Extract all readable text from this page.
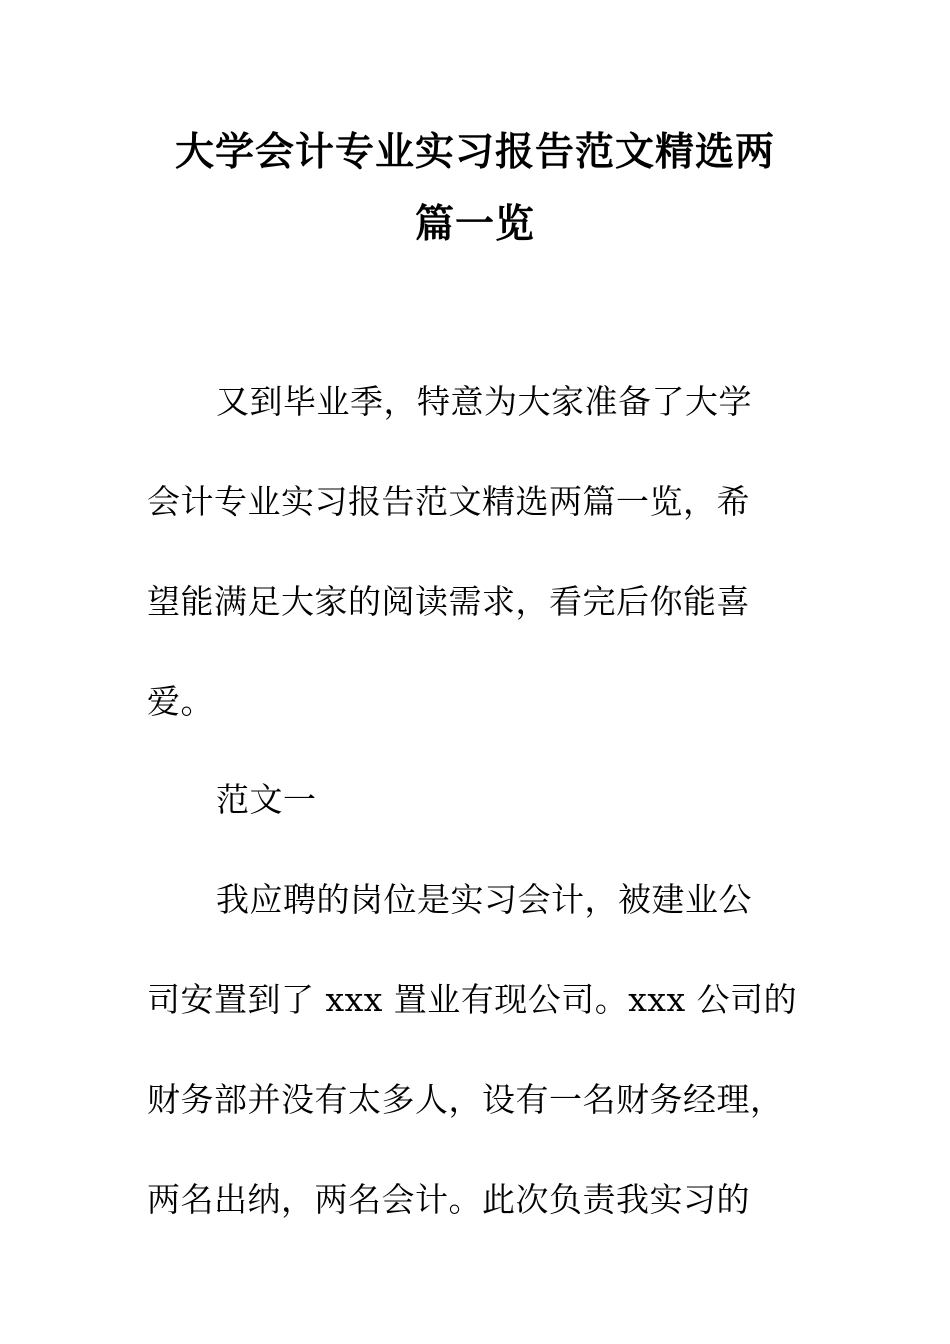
大学会计专业实习报告范文精选两
篇一览
又到毕业季，特意为大家准备了大学
会计专业实习报告范文精选两篇一览，希
望能满足大家的阅读需求，看完后你能喜
爱。
范文一
我应聘的岗位是实习会计，被建业公
司安置到了 xxx 置业有现公司。xxx 公司的
财务部并没有太多人，设有一名财务经理，
两名出纳，两名会计。此次负责我实习的
